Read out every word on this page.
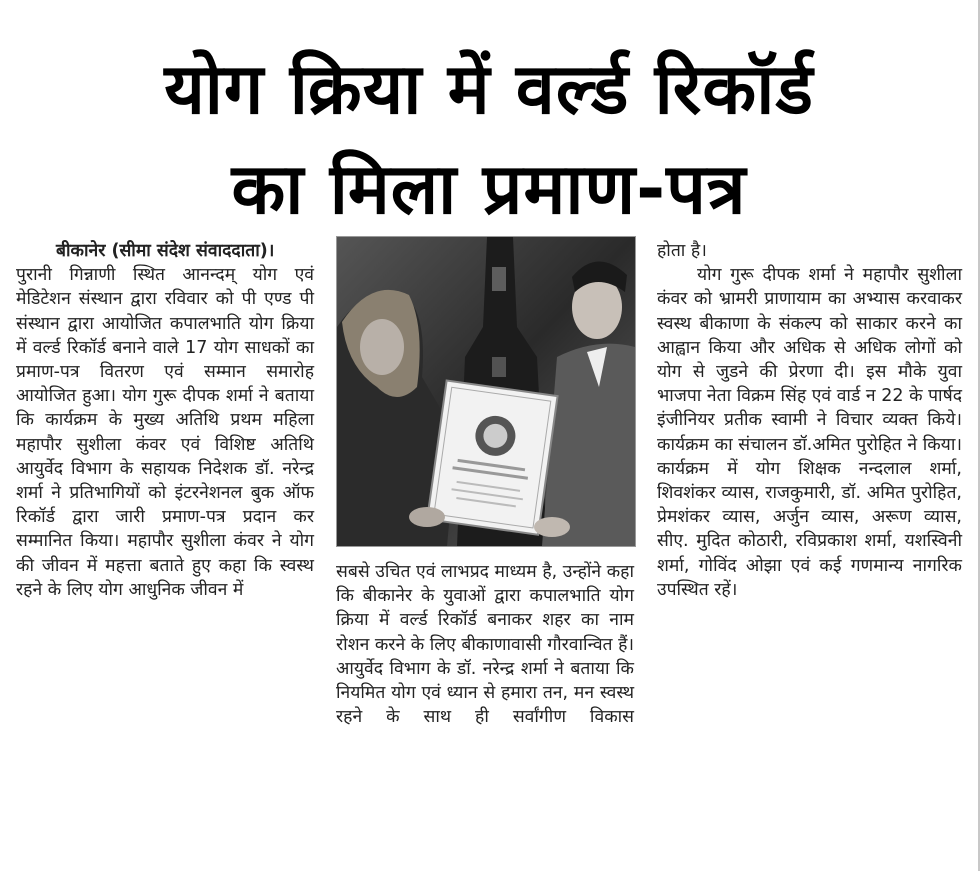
योग क्रिया में वर्ल्ड रिकॉर्ड
का मिला प्रमाण-पत्र

बीकानेर (सीमा संदेश संवाददाता)। पुरानी गिन्नाणी स्थित आनन्दम् योग एवं मेडिटेशन संस्थान द्वारा रविवार को पी एण्ड पी संस्थान द्वारा आयोजित कपालभाति योग क्रिया में वर्ल्ड रिकॉर्ड बनाने वाले 17 योग साधकों का प्रमाण-पत्र वितरण एवं सम्मान समारोह आयोजित हुआ। योग गुरू दीपक शर्मा ने बताया कि कार्यक्रम के मुख्य अतिथि प्रथम महिला महापौर सुशीला कंवर एवं विशिष्ट अतिथि आयुर्वेद विभाग के सहायक निदेशक डॉ. नरेन्द्र शर्मा ने प्रतिभागियों को इंटरनेशनल बुक ऑफ रिकॉर्ड द्वारा जारी प्रमाण-पत्र प्रदान कर सम्मानित किया। महापौर सुशीला कंवर ने योग की जीवन में महत्ता बताते हुए कहा कि स्वस्थ रहने के लिए योग आधुनिक जीवन में

सबसे उचित एवं लाभप्रद माध्यम है, उन्होंने कहा कि बीकानेर के युवाओं द्वारा कपालभाति योग क्रिया में वर्ल्ड रिकॉर्ड बनाकर शहर का नाम रोशन करने के लिए बीकाणावासी गौरवान्वित हैं। आयुर्वेद विभाग के डॉ. नरेन्द्र शर्मा ने बताया कि नियमित योग एवं ध्यान से हमारा तन, मन स्वस्थ रहने के साथ ही सर्वांगीण विकास

होता है।

योग गुरू दीपक शर्मा ने महापौर सुशीला कंवर को भ्रामरी प्राणायाम का अभ्यास करवाकर स्वस्थ बीकाणा के संकल्प को साकार करने का आह्वान किया और अधिक से अधिक लोगों को योग से जुडने की प्रेरणा दी। इस मौके युवा भाजपा नेता विक्रम सिंह एवं वार्ड न 22 के पार्षद इंजीनियर प्रतीक स्वामी ने विचार व्यक्त किये। कार्यक्रम का संचालन डॉ.अमित पुरोहित ने किया। कार्यक्रम में योग शिक्षक नन्दलाल शर्मा, शिवशंकर व्यास, राजकुमारी, डॉ. अमित पुरोहित, प्रेमशंकर व्यास, अर्जुन व्यास, अरूण व्यास, सीए. मुदित कोठारी, रविप्रकाश शर्मा, यशस्विनी शर्मा, गोविंद ओझा एवं कई गणमान्य नागरिक उपस्थित रहें।
